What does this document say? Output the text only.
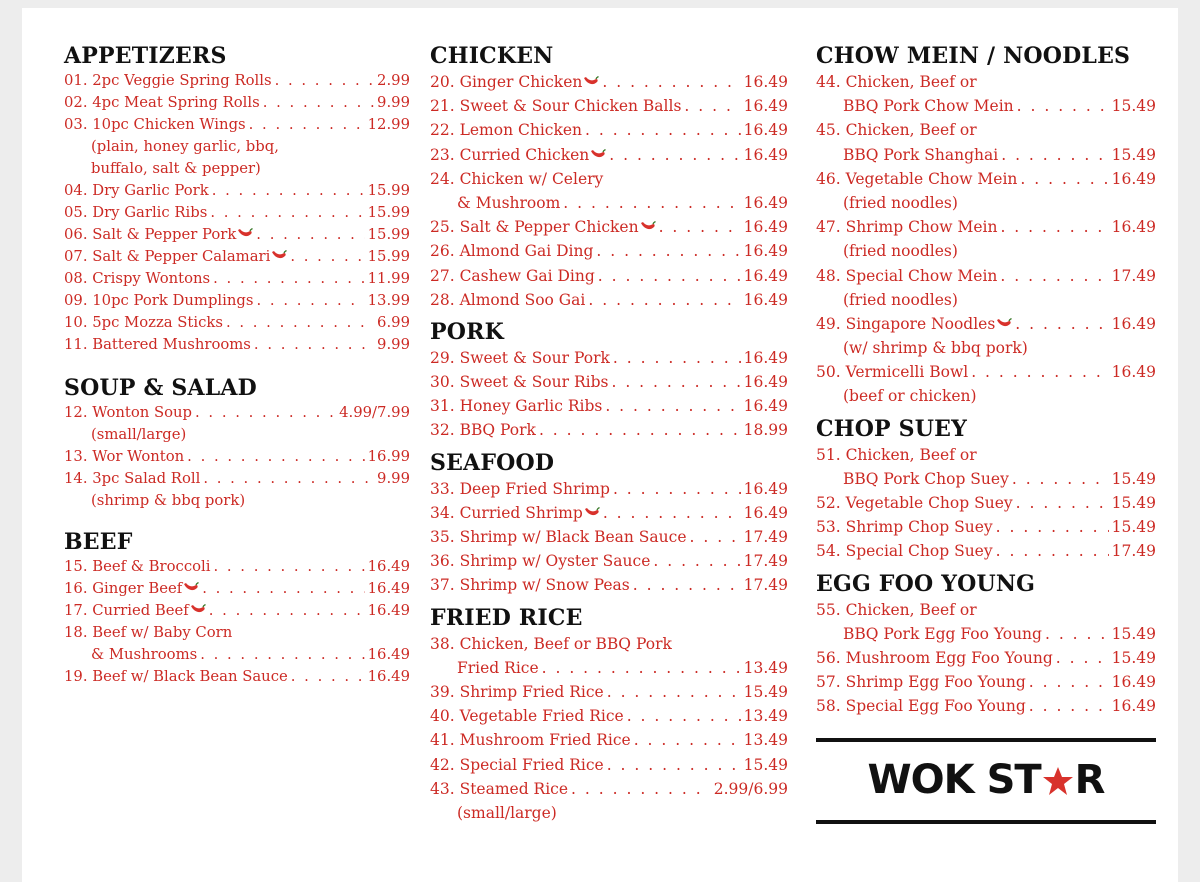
APPETIZERS
01. 2pc Veggie Spring Rolls . . .	2.99
02. 4pc Meat Spring Rolls . . .	9.99
03. 10pc Chicken Wings . . .	12.99
(plain, honey garlic, bbq,
buffalo, salt & pepper)
04. Dry Garlic Pork . . .	15.99
05. Dry Garlic Ribs . . .	15.99
06. Salt & Pepper Pork . . .	15.99
07. Salt & Pepper Calamari . . .	15.99
08. Crispy Wontons . . .	11.99
09. 10pc Pork Dumplings . . .	13.99
10. 5pc Mozza Sticks . . .	6.99
11. Battered Mushrooms . . .	9.99
SOUP & SALAD
12. Wonton Soup . . .	4.99/7.99
(small/large)
13. Wor Wonton . . .	16.99
14. 3pc Salad Roll . . .	9.99
(shrimp & bbq pork)
BEEF
15. Beef & Broccoli . . .	16.49
16. Ginger Beef . . .	16.49
17. Curried Beef . . .	16.49
18. Beef w/ Baby Corn
& Mushrooms . . .	16.49
19. Beef w/ Black Bean Sauce . . .	16.49
CHICKEN
20. Ginger Chicken . . .	16.49
21. Sweet & Sour Chicken Balls . . .	16.49
22. Lemon Chicken . . .	16.49
23. Curried Chicken . . .	16.49
24. Chicken w/ Celery
& Mushroom . . .	16.49
25. Salt & Pepper Chicken . . .	16.49
26. Almond Gai Ding . . .	16.49
27. Cashew Gai Ding . . .	16.49
28. Almond Soo Gai . . .	16.49
PORK
29. Sweet & Sour Pork . . .	16.49
30. Sweet & Sour Ribs . . .	16.49
31. Honey Garlic Ribs . . .	16.49
32. BBQ Pork . . .	18.99
SEAFOOD
33. Deep Fried Shrimp . . .	16.49
34. Curried Shrimp . . .	16.49
35. Shrimp w/ Black Bean Sauce . . .	17.49
36. Shrimp w/ Oyster Sauce . . .	17.49
37. Shrimp w/ Snow Peas . . .	17.49
FRIED RICE
38. Chicken, Beef or BBQ Pork
Fried Rice . . .	13.49
39. Shrimp Fried Rice . . .	15.49
40. Vegetable Fried Rice . . .	13.49
41. Mushroom Fried Rice . . .	13.49
42. Special Fried Rice . . .	15.49
43. Steamed Rice . . .	2.99/6.99
(small/large)
CHOW MEIN / NOODLES
44. Chicken, Beef or
BBQ Pork Chow Mein . . .	15.49
45. Chicken, Beef or
BBQ Pork Shanghai . . .	15.49
46. Vegetable Chow Mein . . .	16.49
(fried noodles)
47. Shrimp Chow Mein . . .	16.49
(fried noodles)
48. Special Chow Mein . . .	17.49
(fried noodles)
49. Singapore Noodles . . .	16.49
(w/ shrimp & bbq pork)
50. Vermicelli Bowl . . .	16.49
(beef or chicken)
CHOP SUEY
51. Chicken, Beef or
BBQ Pork Chop Suey . . .	15.49
52. Vegetable Chop Suey . . .	15.49
53. Shrimp Chop Suey . . .	15.49
54. Special Chop Suey . . .	17.49
EGG FOO YOUNG
55. Chicken, Beef or
BBQ Pork Egg Foo Young . . .	15.49
56. Mushroom Egg Foo Young . . .	15.49
57. Shrimp Egg Foo Young . . .	16.49
58. Special Egg Foo Young . . .	16.49
WOK ST R
